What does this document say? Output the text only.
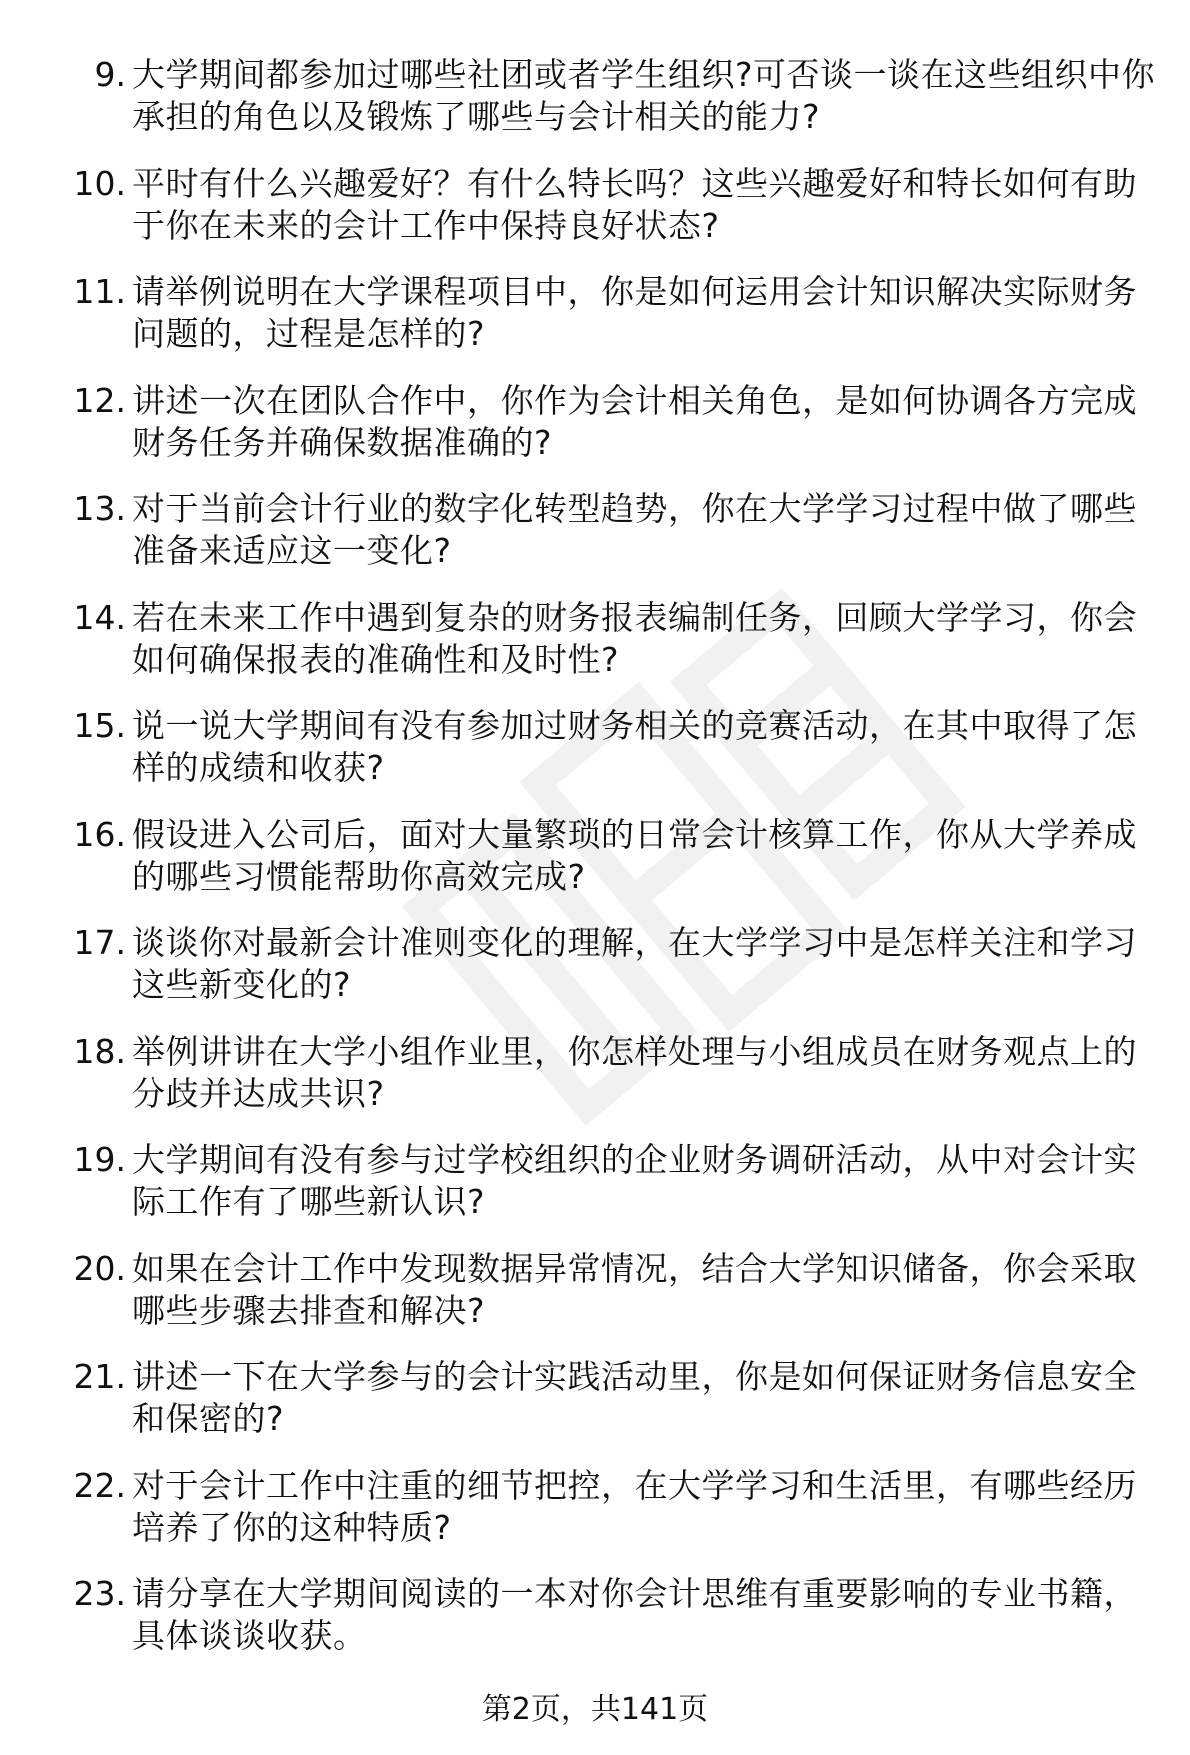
9. 大学期间都参加过哪些社团或者学生组织?可否谈一谈在这些组织中你承担的角色以及锻炼了哪些与会计相关的能力?
10. 平时有什么兴趣爱好？有什么特长吗？这些兴趣爱好和特长如何有助于你在未来的会计工作中保持良好状态?
11. 请举例说明在大学课程项目中，你是如何运用会计知识解决实际财务问题的，过程是怎样的?
12. 讲述一次在团队合作中，你作为会计相关角色，是如何协调各方完成财务任务并确保数据准确的?
13. 对于当前会计行业的数字化转型趋势，你在大学学习过程中做了哪些准备来适应这一变化?
14. 若在未来工作中遇到复杂的财务报表编制任务，回顾大学学习，你会如何确保报表的准确性和及时性?
15. 说一说大学期间有没有参加过财务相关的竞赛活动，在其中取得了怎样的成绩和收获?
16. 假设进入公司后，面对大量繁琐的日常会计核算工作，你从大学养成的哪些习惯能帮助你高效完成?
17. 谈谈你对最新会计准则变化的理解，在大学学习中是怎样关注和学习这些新变化的?
18. 举例讲讲在大学小组作业里，你怎样处理与小组成员在财务观点上的分歧并达成共识?
19. 大学期间有没有参与过学校组织的企业财务调研活动，从中对会计实际工作有了哪些新认识?
20. 如果在会计工作中发现数据异常情况，结合大学知识储备，你会采取哪些步骤去排查和解决?
21. 讲述一下在大学参与的会计实践活动里，你是如何保证财务信息安全和保密的?
22. 对于会计工作中注重的细节把控，在大学学习和生活里，有哪些经历培养了你的这种特质?
23. 请分享在大学期间阅读的一本对你会计思维有重要影响的专业书籍，具体谈谈收获。
第2页，共141页
